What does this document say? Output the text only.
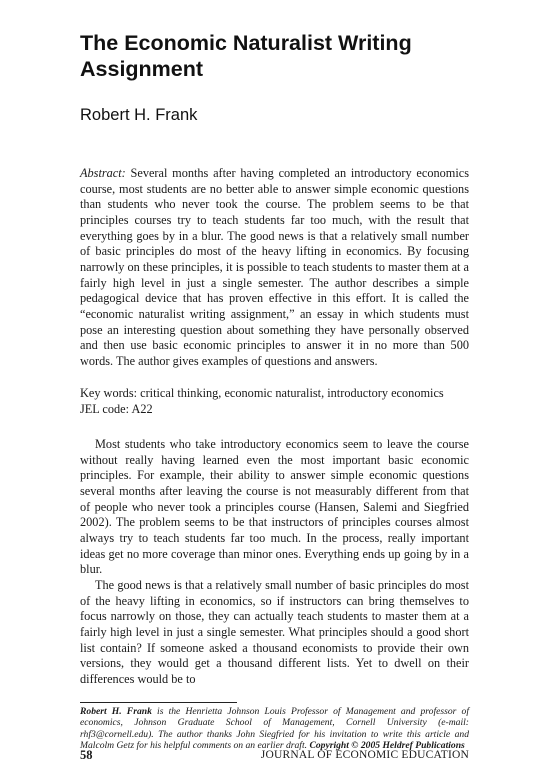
The Economic Naturalist Writing Assignment
Robert H. Frank

Abstract: Several months after having completed an introductory economics course, most students are no better able to answer simple economic questions than students who never took the course. The problem seems to be that principles courses try to teach students far too much, with the result that everything goes by in a blur. The good news is that a relatively small number of basic principles do most of the heavy lifting in economics. By focusing narrowly on these principles, it is possible to teach students to master them at a fairly high level in just a single semester. The author describes a simple pedagogical device that has proven effective in this effort. It is called the “economic naturalist writing assignment,” an essay in which students must pose an interesting question about something they have personally observed and then use basic economic principles to answer it in no more than 500 words. The author gives examples of questions and answers.

Key words: critical thinking, economic naturalist, introductory economics
JEL code: A22

Most students who take introductory economics seem to leave the course without really having learned even the most important basic economic principles. For example, their ability to answer simple economic questions several months after leaving the course is not measurably different from that of people who never took a principles course (Hansen, Salemi and Siegfried 2002). The problem seems to be that instructors of principles courses almost always try to teach students far too much. In the process, really important ideas get no more coverage than minor ones. Everything ends up going by in a blur.

The good news is that a relatively small number of basic principles do most of the heavy lifting in economics, so if instructors can bring themselves to focus narrowly on those, they can actually teach students to master them at a fairly high level in just a single semester. What principles should a good short list contain? If someone asked a thousand economists to provide their own versions, they would get a thousand different lists. Yet to dwell on their differences would be to

Robert H. Frank is the Henrietta Johnson Louis Professor of Management and professor of economics, Johnson Graduate School of Management, Cornell University (e-mail: rhf3@cornell.edu). The author thanks John Siegfried for his invitation to write this article and Malcolm Getz for his helpful comments on an earlier draft. Copyright © 2005 Heldref Publications

58	JOURNAL OF ECONOMIC EDUCATION
